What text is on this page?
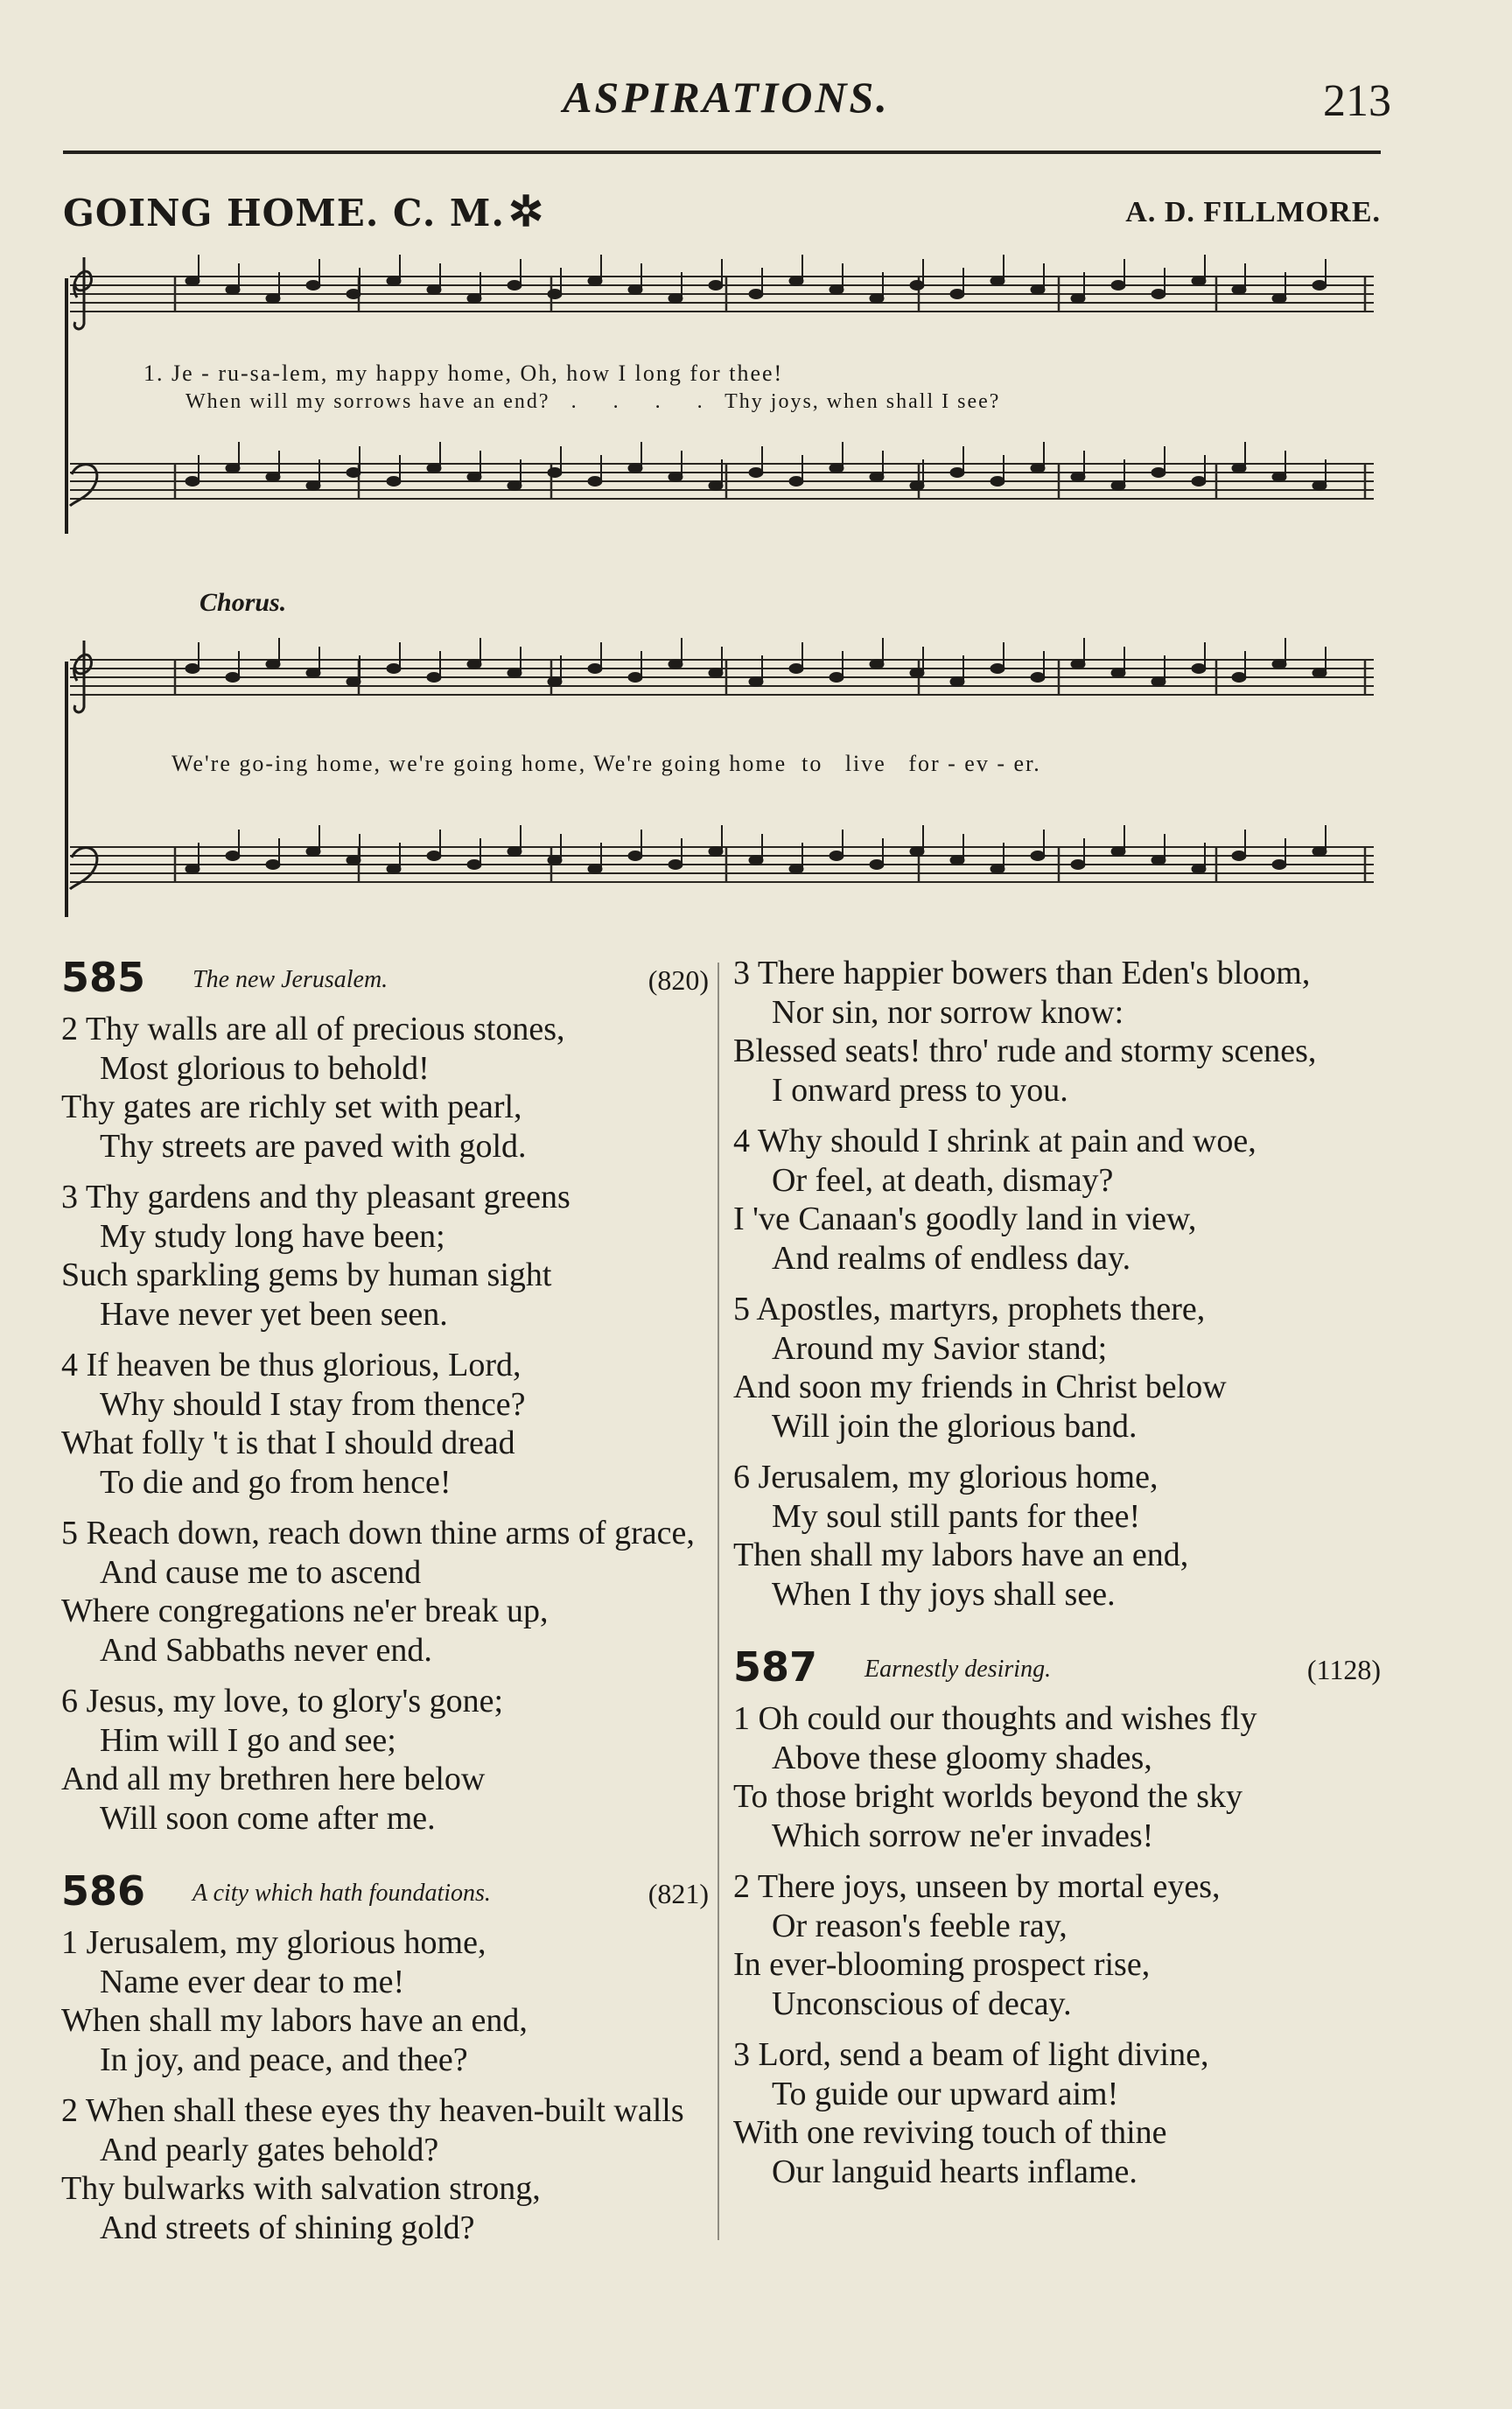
ASPIRATIONS.	213
GOING HOME. C. M.✲	A. D. FILLMORE.
1. Je - ru-sa-lem, my happy home, Oh, how I long for thee!
When will my sorrows have an end?   .     .     .     .   Thy joys, when shall I see?
Chorus.
We're go-ing home, we're going home, We're going home  to   live   for - ev - er.
585 The new Jerusalem.	(820)
2 Thy walls are all of precious stones,
Most glorious to behold!
Thy gates are richly set with pearl,
Thy streets are paved with gold.
3 Thy gardens and thy pleasant greens
My study long have been;
Such sparkling gems by human sight
Have never yet been seen.
4 If heaven be thus glorious, Lord,
Why should I stay from thence?
What folly 't is that I should dread
To die and go from hence!
5 Reach down, reach down thine arms of grace,
And cause me to ascend
Where congregations ne'er break up,
And Sabbaths never end.
6 Jesus, my love, to glory's gone;
Him will I go and see;
And all my brethren here below
Will soon come after me.
586 A city which hath foundations.	(821)
1 Jerusalem, my glorious home,
Name ever dear to me!
When shall my labors have an end,
In joy, and peace, and thee?
2 When shall these eyes thy heaven-built walls
And pearly gates behold?
Thy bulwarks with salvation strong,
And streets of shining gold?
3 There happier bowers than Eden's bloom,
Nor sin, nor sorrow know:
Blessed seats! thro' rude and stormy scenes,
I onward press to you.
4 Why should I shrink at pain and woe,
Or feel, at death, dismay?
I 've Canaan's goodly land in view,
And realms of endless day.
5 Apostles, martyrs, prophets there,
Around my Savior stand;
And soon my friends in Christ below
Will join the glorious band.
6 Jerusalem, my glorious home,
My soul still pants for thee!
Then shall my labors have an end,
When I thy joys shall see.
587 Earnestly desiring.	(1128)
1 Oh could our thoughts and wishes fly
Above these gloomy shades,
To those bright worlds beyond the sky
Which sorrow ne'er invades!
2 There joys, unseen by mortal eyes,
Or reason's feeble ray,
In ever-blooming prospect rise,
Unconscious of decay.
3 Lord, send a beam of light divine,
To guide our upward aim!
With one reviving touch of thine
Our languid hearts inflame.
